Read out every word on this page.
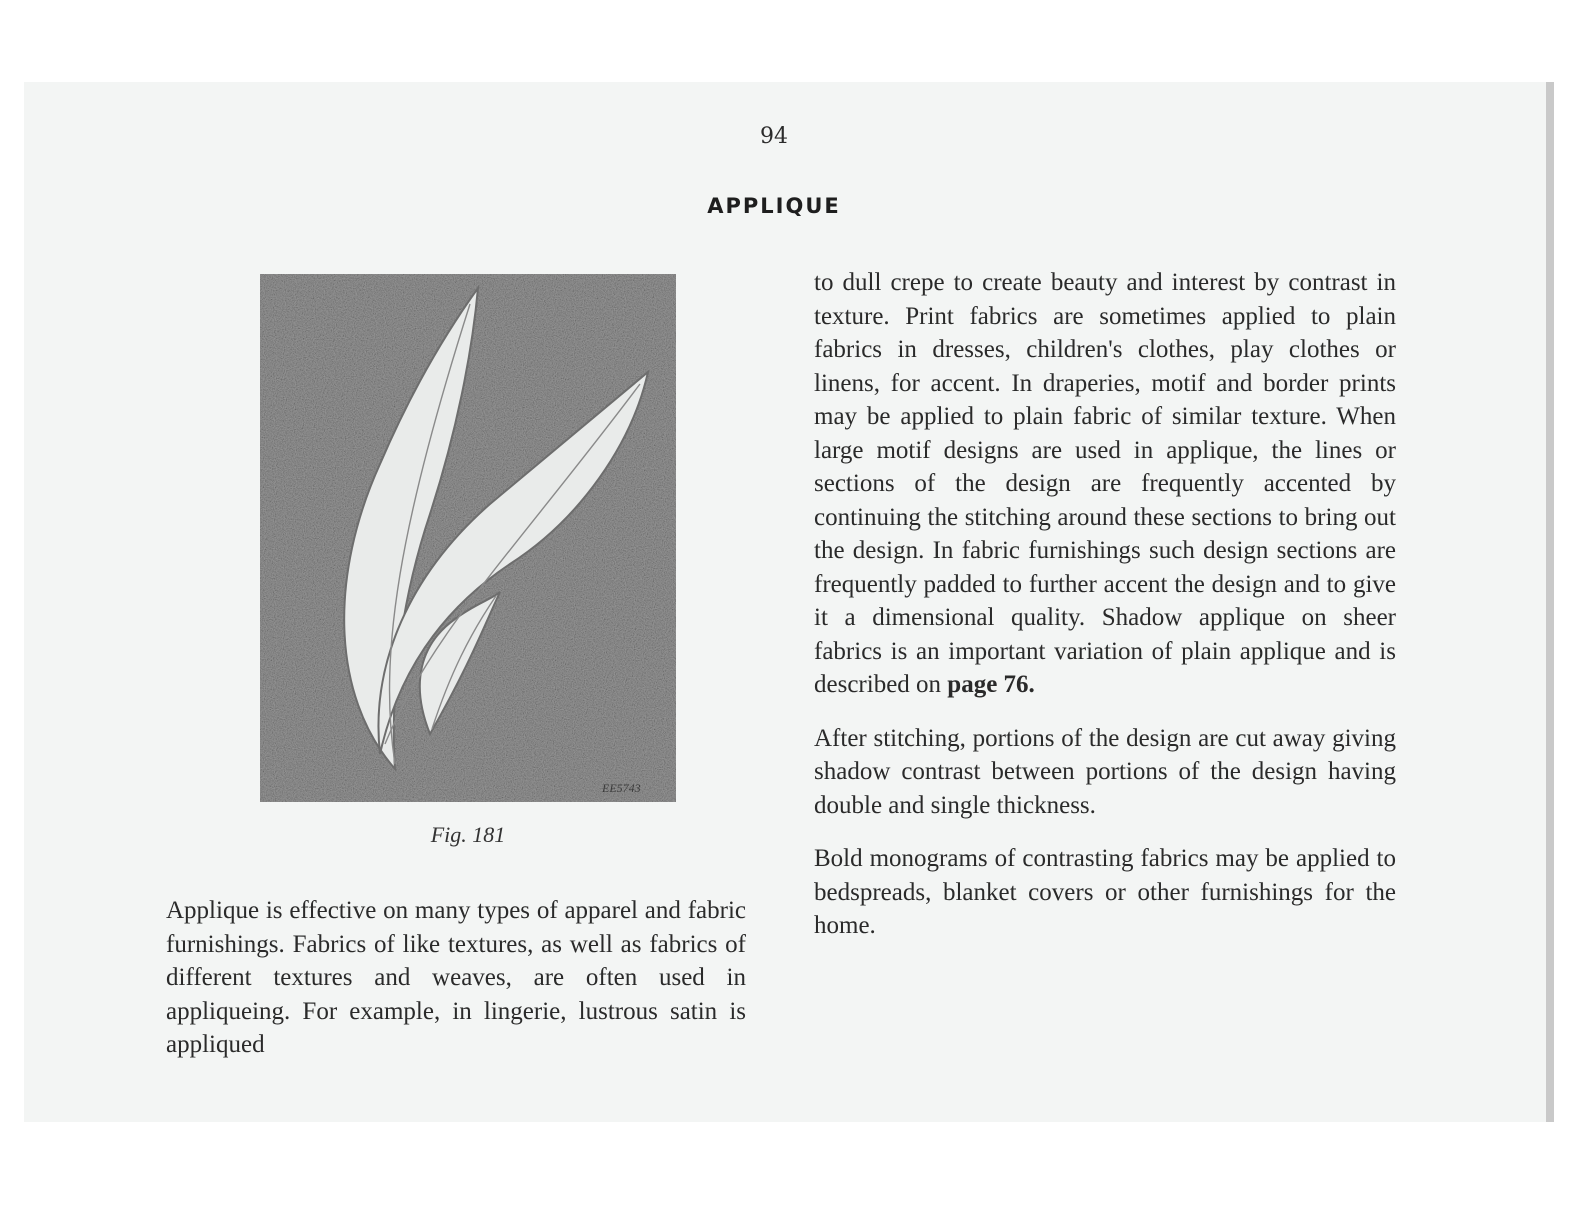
94
APPLIQUE
EE5743
Fig. 181

Applique is effective on many types of apparel and fabric furnishings. Fabrics of like textures, as well as fabrics of different textures and weaves, are often used in appliqueing. For example, in lingerie, lustrous satin is appliqued

to dull crepe to create beauty and interest by contrast in texture. Print fabrics are sometimes applied to plain fabrics in dresses, children's clothes, play clothes or linens, for accent. In draperies, motif and border prints may be applied to plain fabric of similar texture. When large motif designs are used in applique, the lines or sections of the design are frequently accented by continuing the stitching around these sections to bring out the design. In fabric furnishings such design sections are frequently padded to further accent the design and to give it a dimensional quality. Shadow applique on sheer fabrics is an important variation of plain applique and is described on page 76.

After stitching, portions of the design are cut away giving shadow contrast between portions of the design having double and single thickness.

Bold monograms of contrasting fabrics may be applied to bedspreads, blanket covers or other furnishings for the home.
